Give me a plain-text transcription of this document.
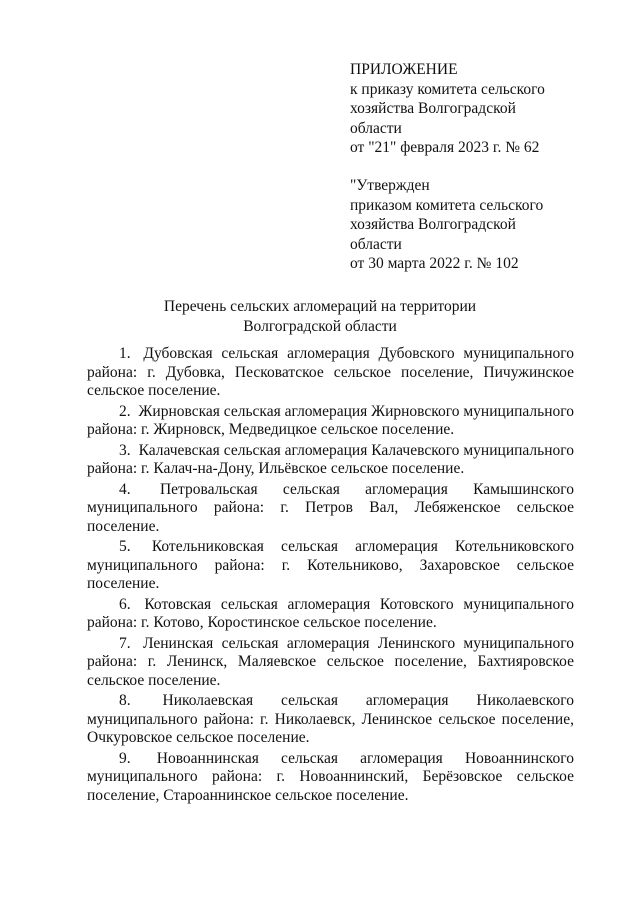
ПРИЛОЖЕНИЕ
к приказу комитета сельского
хозяйства Волгоградской
области
от "21" февраля 2023 г. № 62
"Утвержден
приказом комитета сельского
хозяйства Волгоградской
области
от 30 марта 2022 г. № 102
Перечень сельских агломераций на территории
Волгоградской области

1. Дубовская сельская агломерация Дубовского муниципального района: г. Дубовка, Песковатское сельское поселение, Пичужинское сельское поселение.

2. Жирновская сельская агломерация Жирновского муниципального района: г. Жирновск, Медведицкое сельское поселение.

3. Калачевская сельская агломерация Калачевского муниципального района: г. Калач-на-Дону, Ильёвское сельское поселение.

4. Петровальская сельская агломерация Камышинского муниципального района: г. Петров Вал, Лебяженское сельское поселение.

5. Котельниковская сельская агломерация Котельниковского муниципального района: г. Котельниково, Захаровское сельское поселение.

6. Котовская сельская агломерация Котовского муниципального района: г. Котово, Коростинское сельское поселение.

7. Ленинская сельская агломерация Ленинского муниципального района: г. Ленинск, Маляевское сельское поселение, Бахтияровское сельское поселение.

8. Николаевская сельская агломерация Николаевского муниципального района: г. Николаевск, Ленинское сельское поселение, Очкуровское сельское поселение.

9. Новоаннинская сельская агломерация Новоаннинского муниципального района: г. Новоаннинский, Берёзовское сельское поселение, Староаннинское сельское поселение.
